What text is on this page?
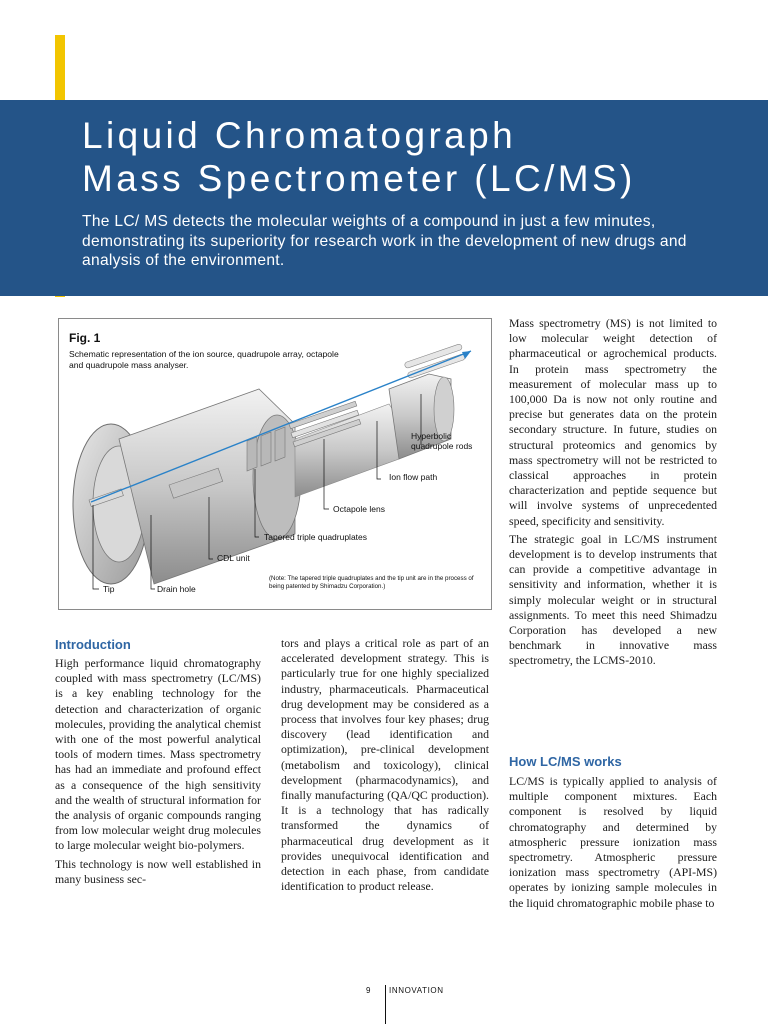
Liquid Chromatograph
Mass Spectrometer (LC/MS)

The LC/ MS detects the molecular weights of a compound in just a few minutes, demonstrating its superiority for research work in the development of new drugs and analysis of the environment.

Fig. 1
Schematic representation of the ion source, quadrupole array, octapole and quadrupole mass analyser.
Hyperbolic
quadrupole rods
Ion flow path
Octapole lens
Tapered triple quadruplates
CDL unit
Tip	Drain hole
(Note: The tapered triple quadruplates and the tip unit are in the process of being patented by Shimadzu Corporation.)
Introduction

High performance liquid chromatography coupled with mass spectrometry (LC/MS) is a key enabling technology for the detection and characterization of organic molecules, providing the analytical chemist with one of the most powerful analytical tools of modern times. Mass spectrometry has had an immediate and profound effect as a consequence of the high sensitivity and the wealth of structural information for the analysis of organic compounds ranging from low molecular weight drug molecules to large molecular weight bio-polymers.

This technology is now well established in many business sec-

tors and plays a critical role as part of an accelerated development strategy. This is particularly true for one highly specialized industry, pharmaceuticals. Pharmaceutical drug development may be considered as a process that involves four key phases; drug discovery (lead identification and optimization), pre-clinical development (metabolism and toxicology), clinical development (pharmacodynamics), and finally manufacturing (QA/QC production). It is a technology that has radically transformed the dynamics of pharmaceutical drug development as it provides unequivocal identification and detection in each phase, from candidate identification to product release.

Mass spectrometry (MS) is not limited to low molecular weight detection of pharmaceutical or agrochemical products. In protein mass spectrometry the measurement of molecular mass up to 100,000 Da is now not only routine and precise but generates data on the protein secondary structure. In future, studies on structural proteomics and genomics by mass spectrometry will not be restricted to classical approaches in protein characterization and peptide sequence but will involve systems of unprecedented speed, specificity and sensitivity.

The strategic goal in LC/MS instrument development is to develop instruments that can provide a competitive advantage in sensitivity and information, whether it is simply molecular weight or in structural assignments. To meet this need Shimadzu Corporation has developed a new benchmark in innovative mass spectrometry, the LCMS-2010.

How LC/MS works

LC/MS is typically applied to analysis of multiple component mixtures. Each component is resolved by liquid chromatography and determined by atmospheric pressure ionization mass spectrometry. Atmospheric pressure ionization mass spectrometry (API-MS) operates by ionizing sample molecules in the liquid chromatographic mobile phase to

9 INNOVATION
